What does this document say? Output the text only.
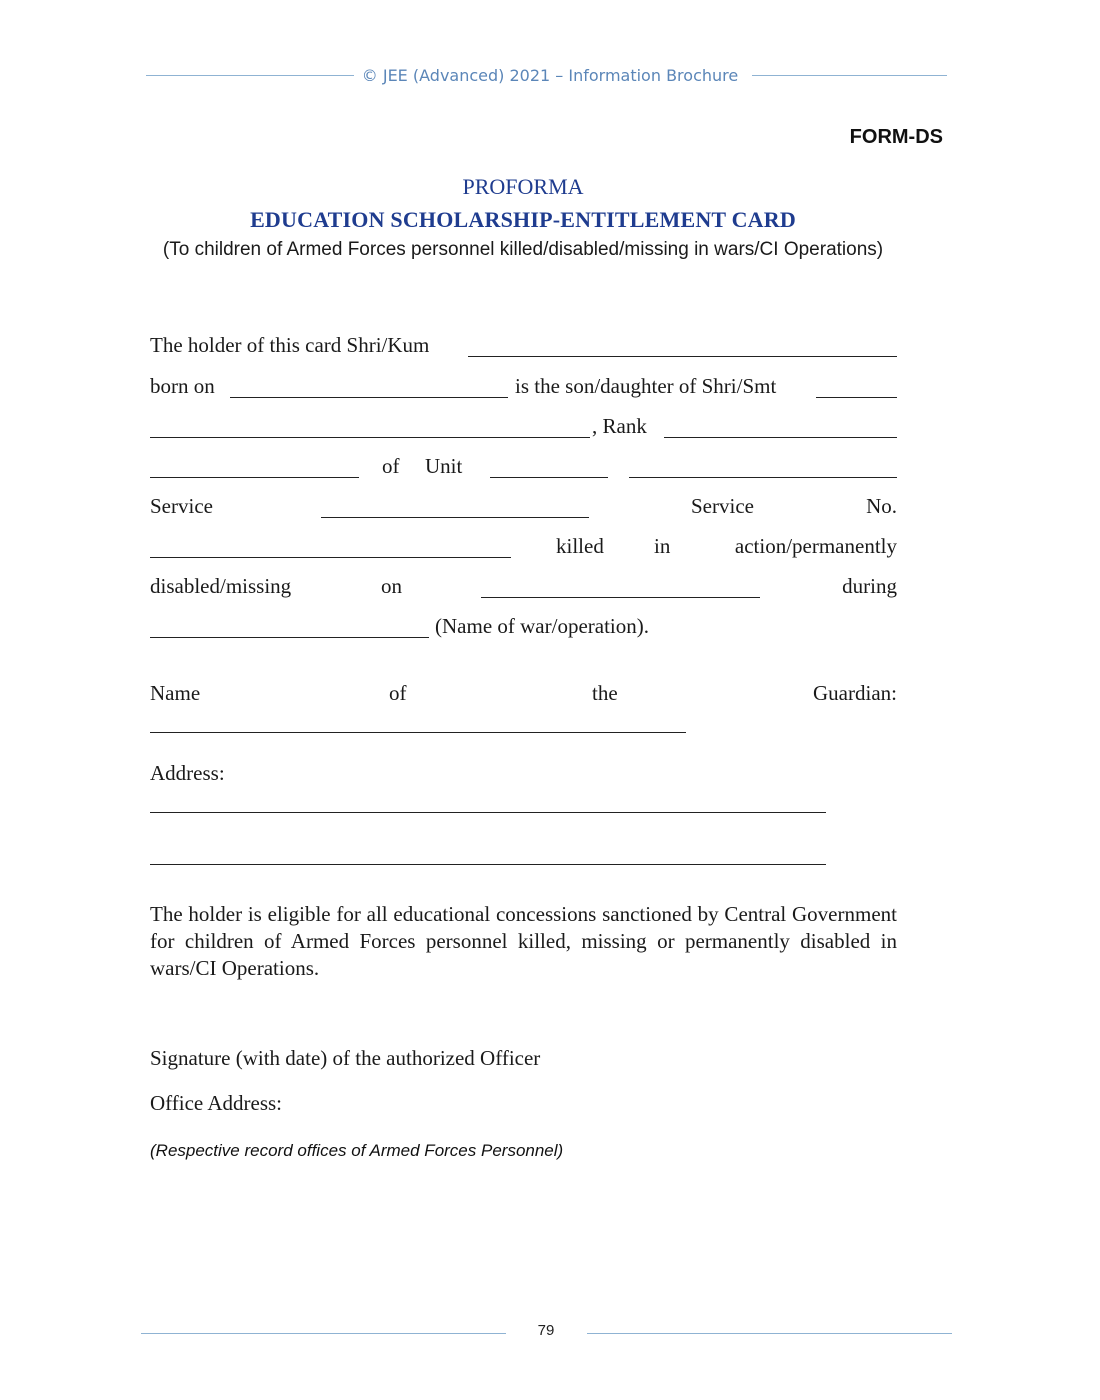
© JEE (Advanced) 2021 – Information Brochure
FORM-DS
PROFORMA
EDUCATION SCHOLARSHIP-ENTITLEMENT CARD
(To children of Armed Forces personnel killed/disabled/missing in wars/CI Operations)
The holder of this card Shri/Kum
born on	is the son/daughter of Shri/Smt
, Rank
of Unit
Service	Service	No.
killed in	action/permanently
disabled/missing	on	during
(Name of war/operation).
Name	of	the	Guardian:
Address:
The holder is eligible for all educational concessions sanctioned by Central Government for children of Armed Forces personnel killed, missing or permanently disabled in wars/CI Operations.
Signature (with date) of the authorized Officer
Office Address:
(Respective record offices of Armed Forces Personnel)
79
